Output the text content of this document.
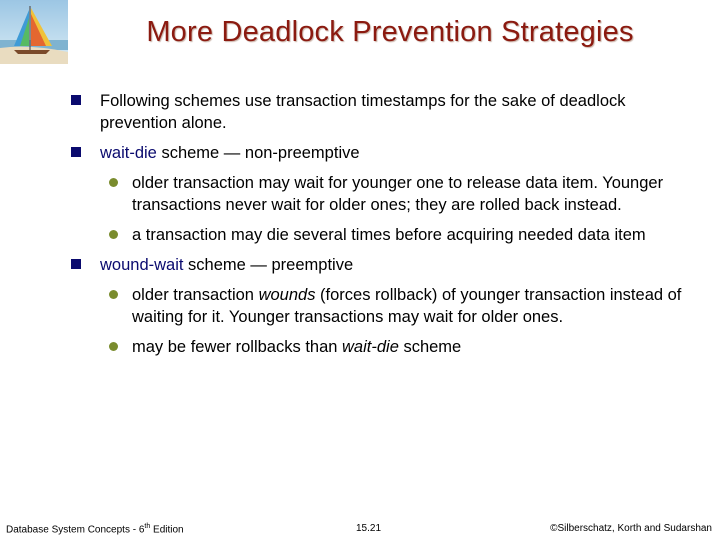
More Deadlock Prevention Strategies
Following schemes use transaction timestamps for the sake of deadlock prevention alone.
wait-die scheme — non-preemptive
older transaction may wait for younger one to release data item. Younger transactions never wait for older ones; they are rolled back instead.
a transaction may die several times before acquiring needed data item
wound-wait scheme — preemptive
older transaction wounds (forces rollback) of younger transaction instead of waiting for it. Younger transactions may wait for older ones.
may be fewer rollbacks than wait-die scheme
Database System Concepts - 6th Edition	15.21	©Silberschatz, Korth and Sudarshan
